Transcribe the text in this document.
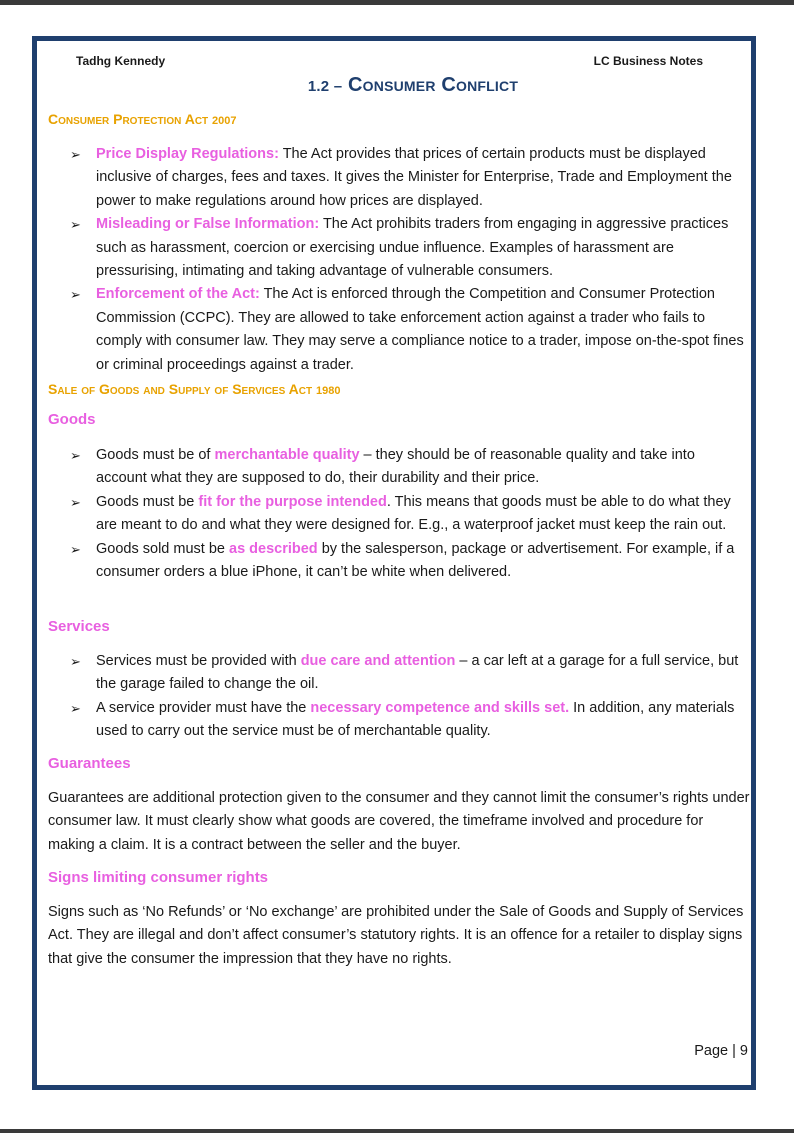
Tadhg Kennedy	LC Business Notes
1.2 – Consumer Conflict
Consumer Protection Act 2007
➢ Price Display Regulations: The Act provides that prices of certain products must be displayed inclusive of charges, fees and taxes. It gives the Minister for Enterprise, Trade and Employment the power to make regulations around how prices are displayed.
➢ Misleading or False Information: The Act prohibits traders from engaging in aggressive practices such as harassment, coercion or exercising undue influence. Examples of harassment are pressurising, intimating and taking advantage of vulnerable consumers.
➢ Enforcement of the Act: The Act is enforced through the Competition and Consumer Protection Commission (CCPC). They are allowed to take enforcement action against a trader who fails to comply with consumer law. They may serve a compliance notice to a trader, impose on-the-spot fines or criminal proceedings against a trader.
Sale of Goods and Supply of Services Act 1980
Goods
➢ Goods must be of merchantable quality – they should be of reasonable quality and take into account what they are supposed to do, their durability and their price.
➢ Goods must be fit for the purpose intended. This means that goods must be able to do what they are meant to do and what they were designed for. E.g., a waterproof jacket must keep the rain out.
➢ Goods sold must be as described by the salesperson, package or advertisement. For example, if a consumer orders a blue iPhone, it can’t be white when delivered.
Services
➢ Services must be provided with due care and attention – a car left at a garage for a full service, but the garage failed to change the oil.
➢ A service provider must have the necessary competence and skills set. In addition, any materials used to carry out the service must be of merchantable quality.
Guarantees

Guarantees are additional protection given to the consumer and they cannot limit the consumer’s rights under consumer law. It must clearly show what goods are covered, the timeframe involved and procedure for making a claim. It is a contract between the seller and the buyer.

Signs limiting consumer rights

Signs such as ‘No Refunds’ or ‘No exchange’ are prohibited under the Sale of Goods and Supply of Services Act. They are illegal and don’t affect consumer’s statutory rights. It is an offence for a retailer to display signs that give the consumer the impression that they have no rights.

Page | 9
